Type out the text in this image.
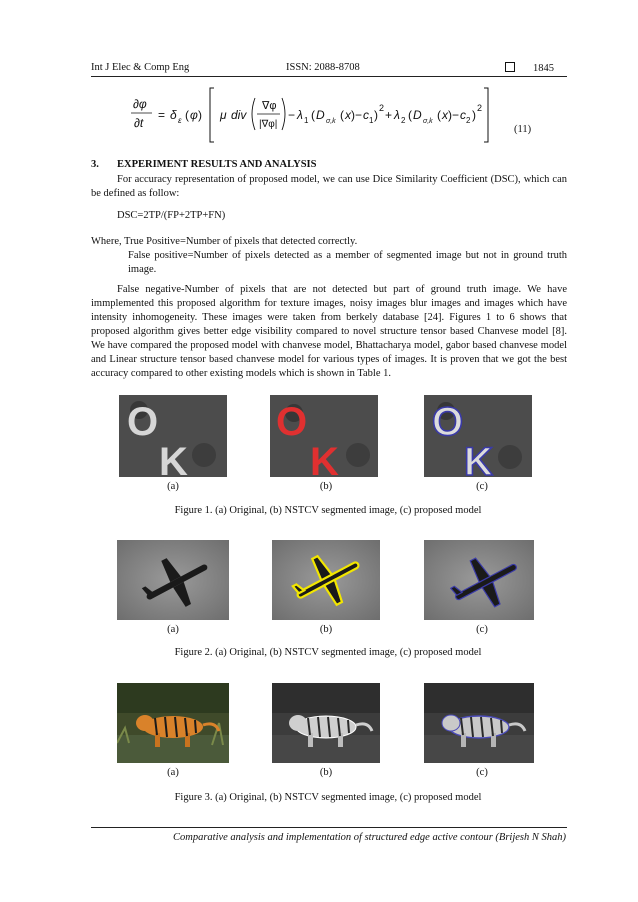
Int J Elec & Comp Eng	ISSN: 2088-8708	1845
∂φ
∂t
= δ ε ( φ ) μ div
∇φ
|∇φ|
− λ 1 ( D σ,k ( x )− c 1 ) 2 + λ 2 ( D σ,k ( x )− c 2 ) 2
(11)
3. EXPERIMENT RESULTS AND ANALYSIS
For accuracy representation of proposed model, we can use Dice Similarity Coefficient (DSC), which can be defined as follow:
DSC=2TP/(FP+2TP+FN)
Where, True Positive=Number of pixels that detected correctly.
False positive=Number of pixels detected as a member of segmented image but not in ground truth image.
False negative-Number of pixels that are not detected but part of ground truth image. We have immplemented this proposed algorithm for texture images, noisy images blur images and images which have intensity inhomogeneity. These images were taken from berkely database [24]. Figures 1 to 6 shows that proposed algorithm gives better edge visibility compared to novel structure tensor based Chanvese model [8]. We have compared the proposed model with chanvese model, Bhattacharya model, gabor based chanvese model and Linear structure tensor based chanvese model for various types of images. It is proven that we got the best accuracy compared to other existing models which is shown in Table 1.
O
K
O
K
O
K
(a)	(b)	(c)
Figure 1. (a) Original, (b) NSTCV segmented image, (c) proposed model
(a)	(b)	(c)
Figure 2. (a) Original, (b) NSTCV segmented image, (c) proposed model
(a)	(b)	(c)
Figure 3. (a) Original, (b) NSTCV segmented image, (c) proposed model
Comparative analysis and implementation of structured edge active contour (Brijesh N Shah)
